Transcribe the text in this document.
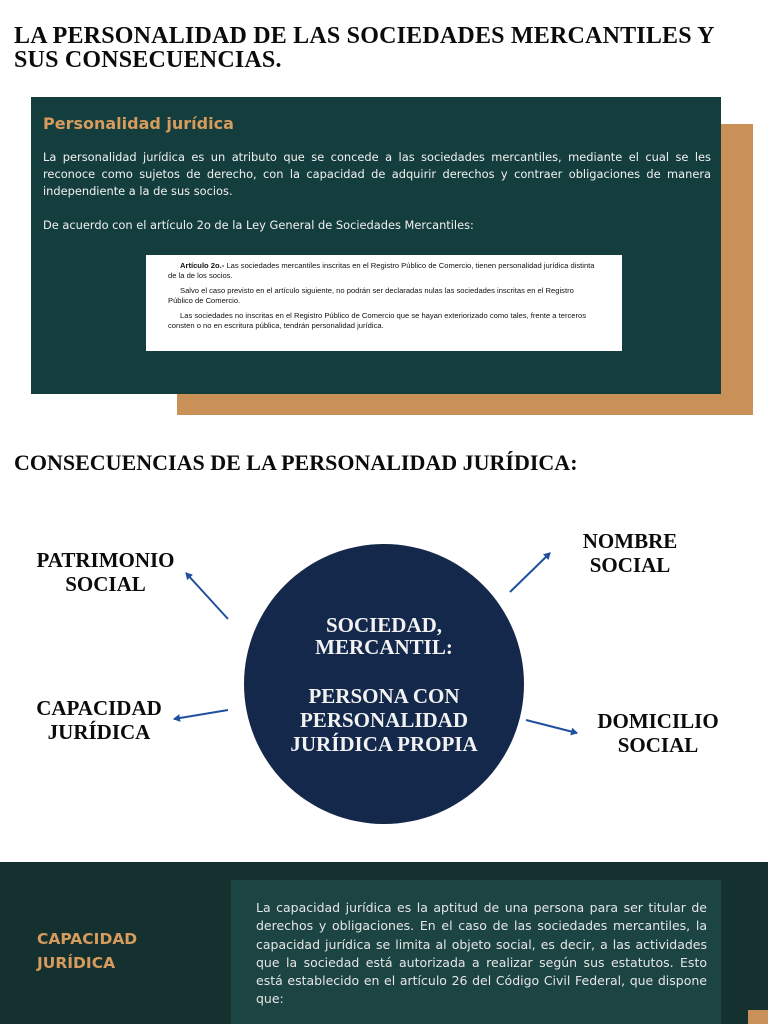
LA PERSONALIDAD DE LAS SOCIEDADES MERCANTILES Y SUS CONSECUENCIAS.
Personalidad jurídica

La personalidad jurídica es un atributo que se concede a las sociedades mercantiles, mediante el cual se les reconoce como sujetos de derecho, con la capacidad de adquirir derechos y contraer obligaciones de manera independiente a la de sus socios.

De acuerdo con el artículo 2o de la Ley General de Sociedades Mercantiles:

Artículo 2o.- Las sociedades mercantiles inscritas en el Registro Público de Comercio, tienen personalidad jurídica distinta de la de los socios.

Salvo el caso previsto en el artículo siguiente, no podrán ser declaradas nulas las sociedades inscritas en el Registro Público de Comercio.

Las sociedades no inscritas en el Registro Público de Comercio que se hayan exteriorizado como tales, frente a terceros consten o no en escritura pública, tendrán personalidad jurídica.

CONSECUENCIAS DE LA PERSONALIDAD JURÍDICA:
PATRIMONIO
SOCIAL
NOMBRE
SOCIAL
CAPACIDAD
JURÍDICA	DOMICILIO
SOCIAL
SOCIEDAD,
MERCANTIL:
PERSONA CON
PERSONALIDAD
JURÍDICA PROPIA
CAPACIDAD
JURÍDICA

La capacidad jurídica es la aptitud de una persona para ser titular de derechos y obligaciones. En el caso de las sociedades mercantiles, la capacidad jurídica se limita al objeto social, es decir, a las actividades que la sociedad está autorizada a realizar según sus estatutos. Esto está establecido en el artículo 26 del Código Civil Federal, que dispone que:
